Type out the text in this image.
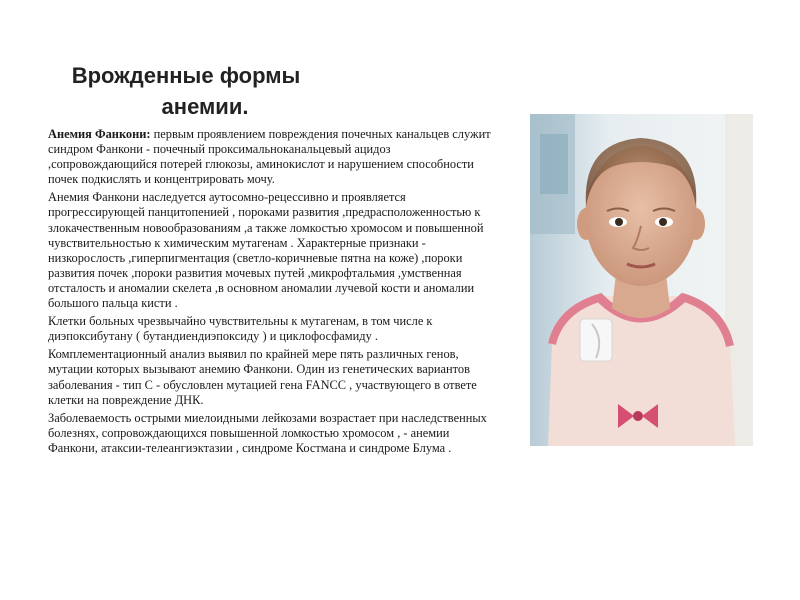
Врожденные формы
анемии.

Анемия Фанкони: первым проявлением повреждения почечных канальцев служит синдром Фанкони - почечный проксимальноканальцевый ацидоз ,сопровождающийся потерей глюкозы, аминокислот и нарушением способности почек подкислять и концентрировать мочу.

Анемия Фанкони наследуется аутосомно-рецессивно и проявляется прогрессирующей панцитопенией , пороками развития ,предрасположенностью к злокачественным новообразованиям ,а также ломкостью хромосом и повышенной чувствительностью к химическим мутагенам . Характерные признаки - низкорослость ,гиперпигментация (светло-коричневые пятна на коже) ,пороки развития почек ,пороки развития мочевых путей ,микрофтальмия ,умственная отсталость и аномалии скелета ,в основном аномалии лучевой кости и аномалии большого пальца кисти .

Клетки больных чрезвычайно чувствительны к мутагенам, в том числе к диэпоксибутану ( бутандиендиэпоксиду ) и циклофосфамиду .

Комплементационный анализ выявил по крайней мере пять различных генов, мутации которых вызывают анемию Фанкони. Один из генетических вариантов заболевания - тип С - обусловлен мутацией гена FANCC , участвующего в ответе клетки на повреждение ДНК.

Заболеваемость острыми миелоидными лейкозами возрастает при наследственных болезнях, сопровождающихся повышенной ломкостью хромосом , - анемии Фанкони, атаксии-телеангиэктазии , синдроме Костмана и синдроме Блума .
